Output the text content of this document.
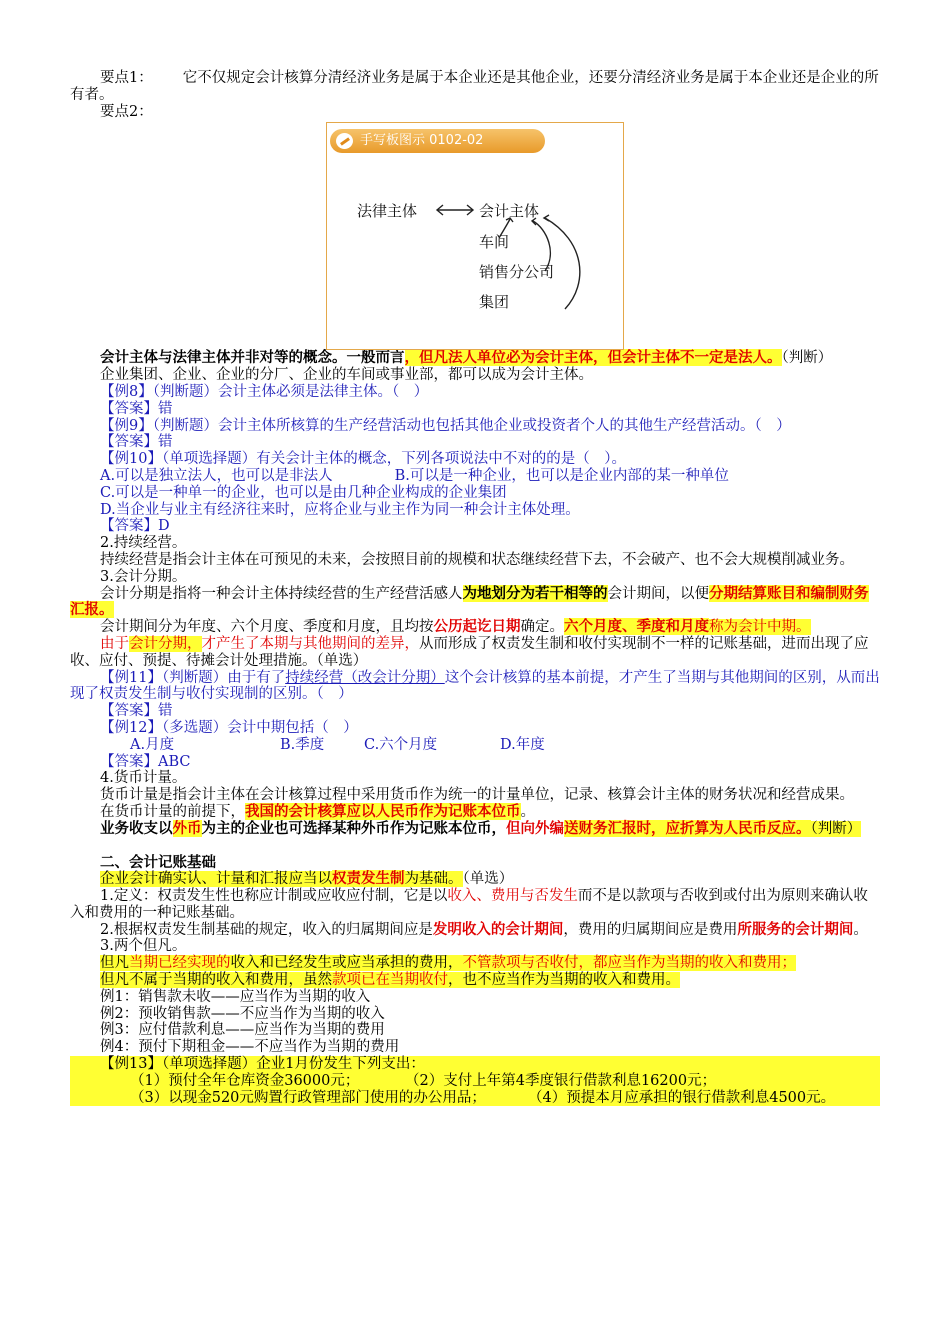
要点1： 它不仅规定会计核算分清经济业务是属于本企业还是其他企业，还要分清经济业务是属于本企业还是企业的所有者。

要点2：

手写板图示 0102-02
法律主体	会计主体
车间
销售分公司
集团

会计主体与法律主体并非对等的概念。一般而言，但凡法人单位必为会计主体，但会计主体不一定是法人。（判断）

企业集团、企业、企业的分厂、企业的车间或事业部，都可以成为会计主体。

【例8】（判断题）会计主体必须是法律主体。（　）

【答案】错

【例9】（判断题）会计主体所核算的生产经营活动也包括其他企业或投资者个人的其他生产经营活动。（　）

【答案】错

【例10】（单项选择题）有关会计主体的概念，下列各项说法中不对的的是（　）。

A.可以是独立法人，也可以是非法人	B.可以是一种企业，也可以是企业内部的某一种单位

C.可以是一种单一的企业，也可以是由几种企业构成的企业集团

D.当企业与业主有经济往来时，应将企业与业主作为同一种会计主体处理。

【答案】D

2.持续经营。

持续经营是指会计主体在可预见的未来，会按照目前的规模和状态继续经营下去，不会破产、也不会大规模削减业务。

3.会计分期。

会计分期是指将一种会计主体持续经营的生产经营活感人为地划分为若干相等的会计期间，以便分期结算账目和编制财务汇报。

会计期间分为年度、六个月度、季度和月度，且均按公历起讫日期确定。六个月度、季度和月度称为会计中期。

由于会计分期，才产生了本期与其他期间的差异，从而形成了权责发生制和收付实现制不一样的记账基础，进而出现了应收、应付、预提、待摊会计处理措施。（单选）

【例11】（判断题）由于有了持续经营（改会计分期）这个会计核算的基本前提，才产生了当期与其他期间的区别，从而出现了权责发生制与收付实现制的区别。（　）

【答案】错

【例12】（多选题）会计中期包括（　）

A.月度	B.季度	C.六个月度	D.年度

【答案】ABC

4.货币计量。

货币计量是指会计主体在会计核算过程中采用货币作为统一的计量单位，记录、核算会计主体的财务状况和经营成果。

在货币计量的前提下，我国的会计核算应以人民币作为记账本位币。

业务收支以外币为主的企业也可选择某种外币作为记账本位币，但向外编送财务汇报时，应折算为人民币反应。（判断）

二、会计记账基础

企业会计确实认、计量和汇报应当以权责发生制为基础。（单选）

1.定义：权责发生性也称应计制或应收应付制，它是以收入、费用与否发生而不是以款项与否收到或付出为原则来确认收入和费用的一种记账基础。

2.根据权责发生制基础的规定，收入的归属期间应是发明收入的会计期间，费用的归属期间应是费用所服务的会计期间。

3.两个但凡。

但凡当期已经实现的收入和已经发生或应当承担的费用，不管款项与否收付，都应当作为当期的收入和费用；

但凡不属于当期的收入和费用，虽然款项已在当期收付，也不应当作为当期的收入和费用。

例1：销售款未收——应当作为当期的收入

例2：预收销售款——不应当作为当期的收入

例3：应付借款利息——应当作为当期的费用

例4：预付下期租金——不应当作为当期的费用

【例13】（单项选择题）企业1月份发生下列支出：

（1）预付全年仓库资金36000元；	（2）支付上年第4季度银行借款利息16200元；

（3）以现金520元购置行政管理部门使用的办公用品；	（4）预提本月应承担的银行借款利息4500元。
